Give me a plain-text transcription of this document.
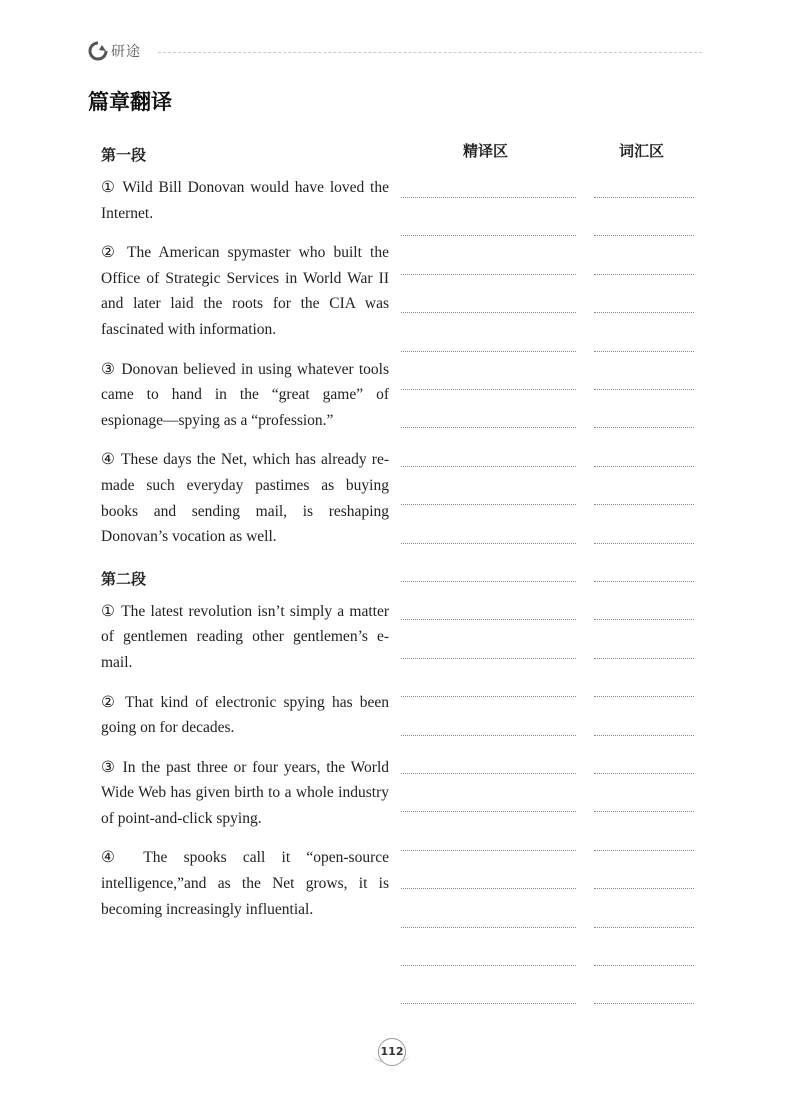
研途
篇章翻译
精译区	词汇区
第一段

① Wild Bill Donovan would have loved the Internet.

② The American spymaster who built the Office of Strategic Services in World War II and later laid the roots for the CIA was fascinated with information.

③ Donovan believed in using whatever tools came to hand in the “great game” of espionage—spying as a “profession.”

④ These days the Net, which has already re-made such everyday pastimes as buying books and sending mail, is reshaping Donovan’s vocation as well.

第二段

① The latest revolution isn’t simply a matter of gentlemen reading other gentlemen’s e-mail.

② That kind of electronic spying has been going on for decades.

③ In the past three or four years, the World Wide Web has given birth to a whole industry of point-and-click spying.

④ The spooks call it “open-source intelligence,”and as the Net grows, it is becoming increasingly influential.

112
